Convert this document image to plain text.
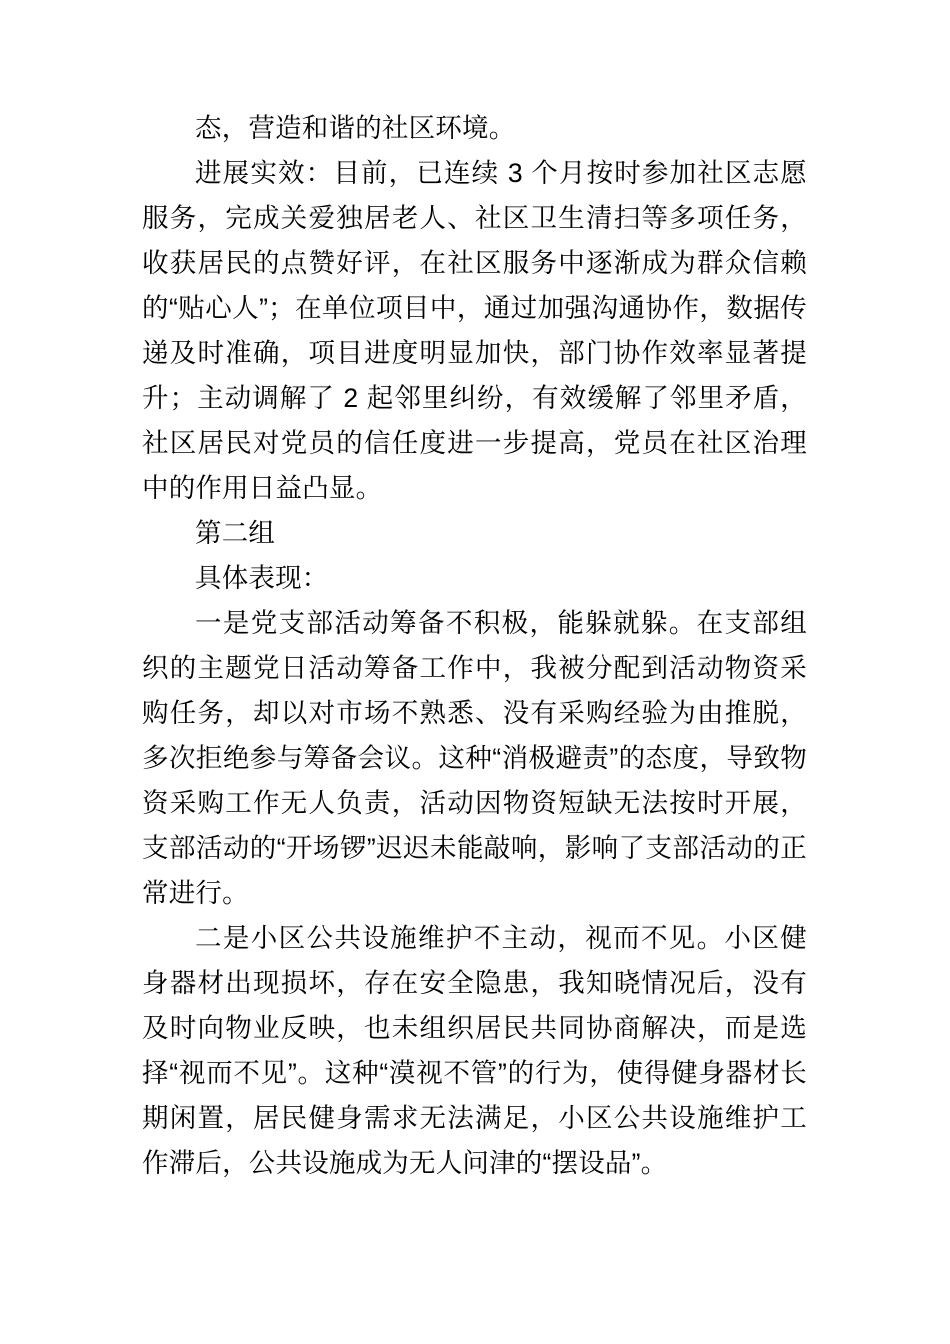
态，营造和谐的社区环境。

进展实效：目前，已连续 3 个月按时参加社区志愿服务，完成关爱独居老人、社区卫生清扫等多项任务，收获居民的点赞好评，在社区服务中逐渐成为群众信赖的“贴心人”；在单位项目中，通过加强沟通协作，数据传递及时准确，项目进度明显加快，部门协作效率显著提升；主动调解了 2 起邻里纠纷，有效缓解了邻里矛盾，社区居民对党员的信任度进一步提高，党员在社区治理中的作用日益凸显。

第二组

具体表现：

一是党支部活动筹备不积极，能躲就躲。在支部组织的主题党日活动筹备工作中，我被分配到活动物资采购任务，却以对市场不熟悉、没有采购经验为由推脱，多次拒绝参与筹备会议。这种“消极避责”的态度，导致物资采购工作无人负责，活动因物资短缺无法按时开展，支部活动的“开场锣”迟迟未能敲响，影响了支部活动的正常进行。

二是小区公共设施维护不主动，视而不见。小区健身器材出现损坏，存在安全隐患，我知晓情况后，没有及时向物业反映，也未组织居民共同协商解决，而是选择“视而不见”。这种“漠视不管”的行为，使得健身器材长期闲置，居民健身需求无法满足，小区公共设施维护工作滞后，公共设施成为无人问津的“摆设品”。
